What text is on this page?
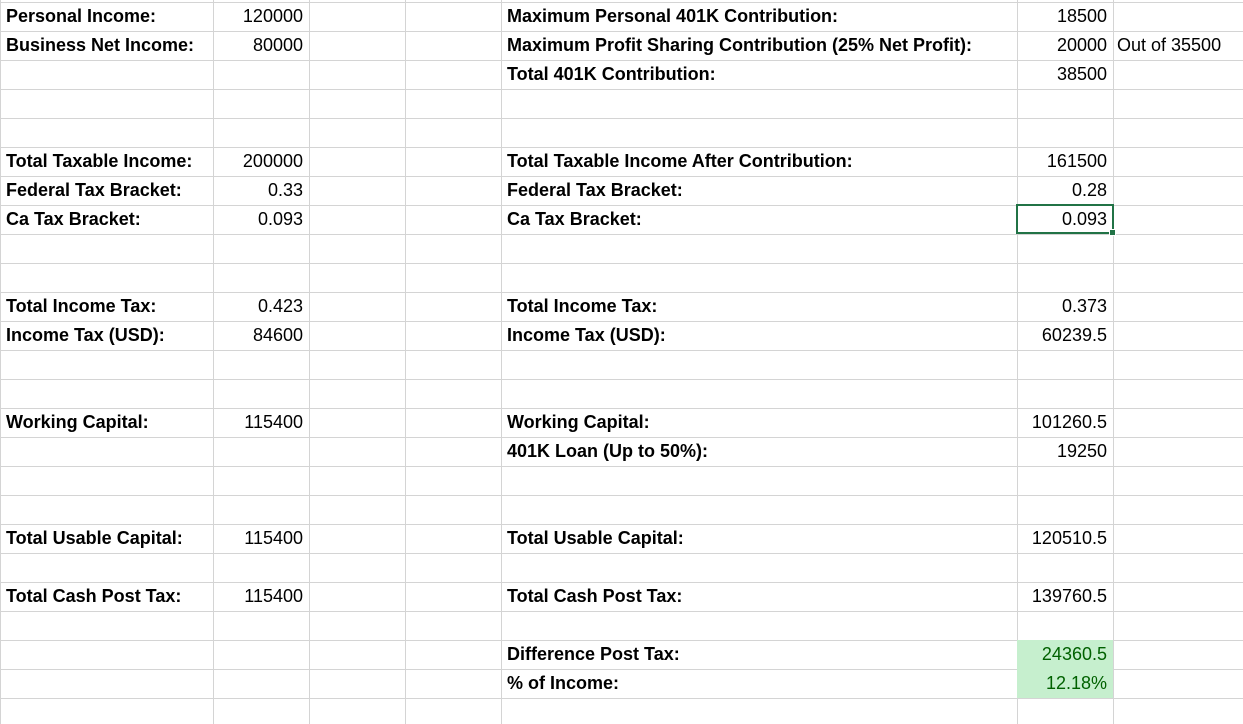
Personal Income:	120000
Business Net Income:	80000
Total Taxable Income:	200000
Federal Tax Bracket:	0.33
Ca Tax Bracket:	0.093
Total Income Tax:	0.423
Income Tax (USD):	84600
Working Capital:	115400
Total Usable Capital:	115400
Total Cash Post Tax:	115400
Maximum Personal 401K Contribution:	18500
Maximum Profit Sharing Contribution (25% Net Profit):	20000 Out of 35500
Total 401K Contribution:	38500
Total Taxable Income After Contribution:	161500
Federal Tax Bracket:	0.28
Ca Tax Bracket:	0.093
Total Income Tax:	0.373
Income Tax (USD):	60239.5
Working Capital:	101260.5
401K Loan (Up to 50%):	19250
Total Usable Capital:	120510.5
Total Cash Post Tax:	139760.5
Difference Post Tax:	24360.5
% of Income:	12.18%
